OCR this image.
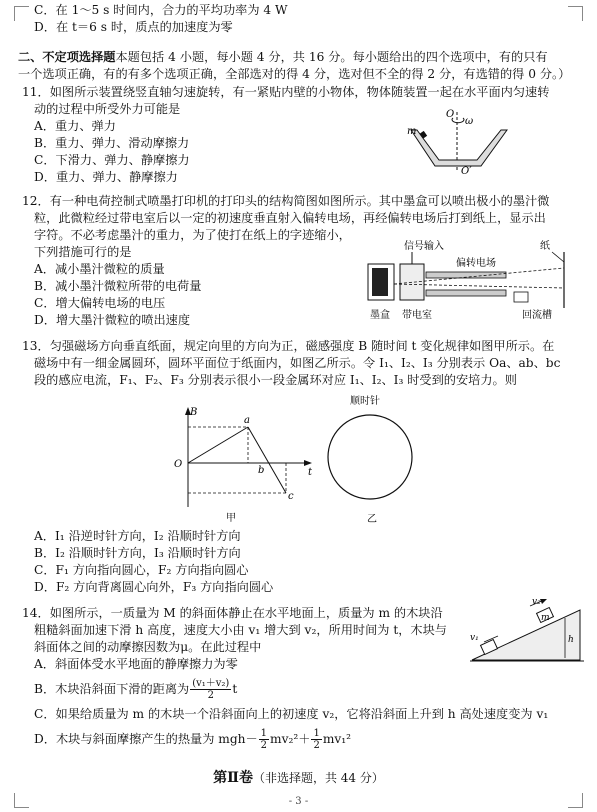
C．在 1～5 s 时间内，合力的平均功率为 4 W
D．在 t＝6 s 时，质点的加速度为零
二、不定项选择题本题包括 4 小题，每小题 4 分，共 16 分。每小题给出的四个选项中，有的只有
一个选项正确，有的有多个选项正确，全部选对的得 4 分，选对但不全的得 2 分，有选错的得 0 分。）
11．如图所示装置绕竖直轴匀速旋转，有一紧贴内壁的小物体，物体随装置一起在水平面内匀速转
动的过程中所受外力可能是
A．重力、弹力
B．重力、弹力、滑动摩擦力
C．下滑力、弹力、静摩擦力
D．重力、弹力、静摩擦力
O
ω
m
O′
12．有一种电荷控制式喷墨打印机的打印头的结构简图如图所示。其中墨盒可以喷出极小的墨汁微
粒，此微粒经过带电室后以一定的初速度垂直射入偏转电场，再经偏转电场后打到纸上，显示出
字符。不必考虑墨汁的重力，为了使打在纸上的字迹缩小，
下列措施可行的是
A．减小墨汁微粒的质量
B．减小墨汁微粒所带的电荷量
C．增大偏转电场的电压
D．增大墨汁微粒的喷出速度
信号输入
偏转电场
纸
墨盒 带电室	回流槽
13．匀强磁场方向垂直纸面，规定向里的方向为正，磁感强度 B 随时间 t 变化规律如图甲所示。在
磁场中有一细金属圆环，圆环平面位于纸面内，如图乙所示。令 I₁、I₂、I₃ 分别表示 Oa、ab、bc
段的感应电流，F₁、F₂、F₃ 分别表示很小一段金属环对应 I₁、I₂、I₃ 时受到的安培力。则
B
O
t
a
b
c
甲
顺时针
乙
A．I₁ 沿逆时针方向，I₂ 沿顺时针方向
B．I₂ 沿顺时针方向，I₃ 沿顺时针方向
C．F₁ 方向指向圆心，F₂ 方向指向圆心
D．F₂ 方向背离圆心向外，F₃ 方向指向圆心
14．如图所示，一质量为 M 的斜面体静止在水平地面上，质量为 m 的木块沿
粗糙斜面加速下滑 h 高度，速度大小由 v₁ 增大到 v₂，所用时间为 t，木块与
斜面体之间的动摩擦因数为μ。在此过程中
A．斜面体受水平地面的静摩擦力为零
B．木块沿斜面下滑的距离为 $\frac{\text{(v₁＋v₂)}}{2}$ t
C．如果给质量为 m 的木块一个沿斜面向上的初速度 v₂，它将沿斜面上升到 h 高处速度变为 v₁
D．木块与斜面摩擦产生的热量为 $mgh- \frac{1}{2} mv_2^2+ \frac{1}{2} mv_1^2$
v₂
m
h
v₁
第Ⅱ卷（非选择题，共 44 分）
- 3 -
